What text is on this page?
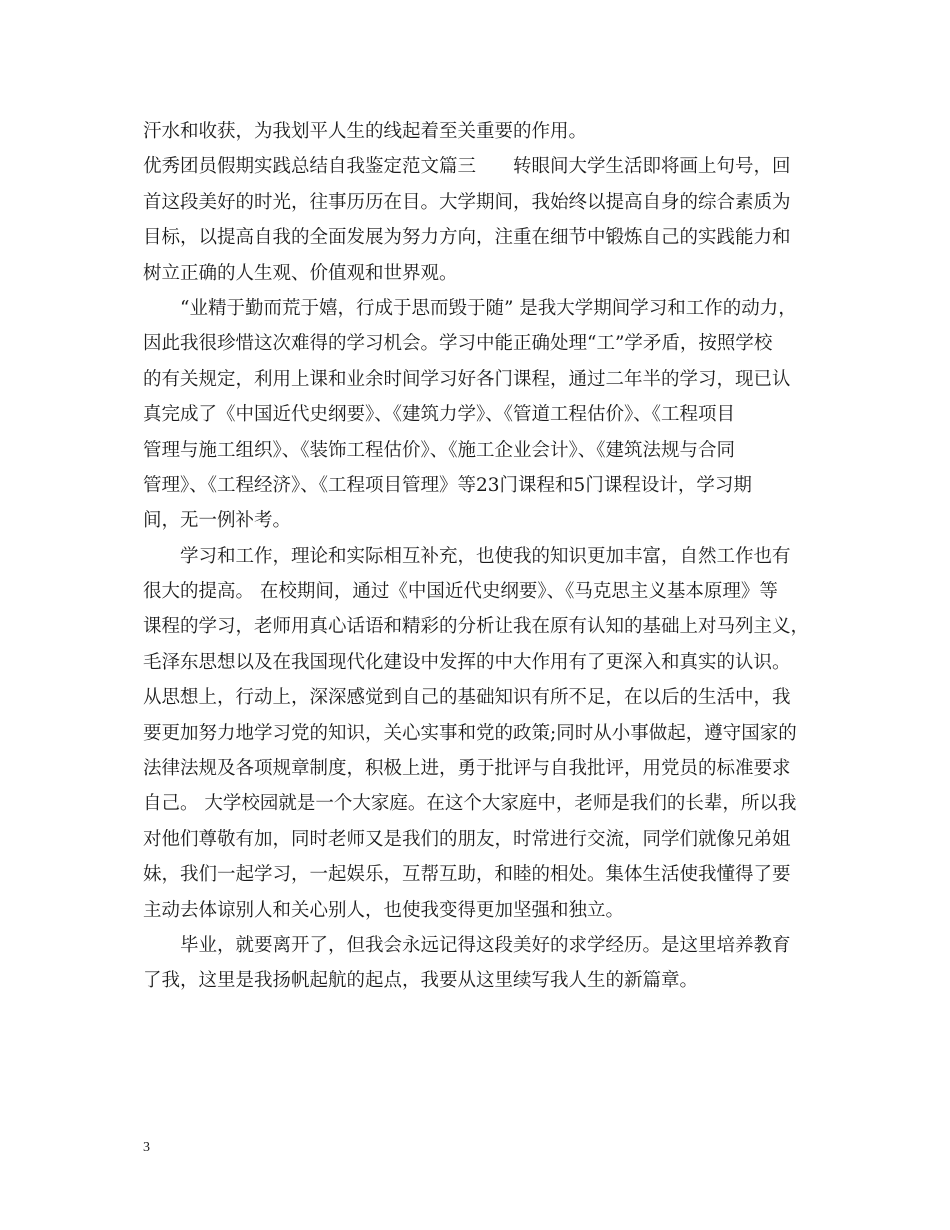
汗水和收获，为我划平人生的线起着至关重要的作用。
优秀团员假期实践总结自我鉴定范文篇三　　转眼间大学生活即将画上句号，回
首这段美好的时光，往事历历在目。大学期间，我始终以提高自身的综合素质为
目标，以提高自我的全面发展为努力方向，注重在细节中锻炼自己的实践能力和
树立正确的人生观、价值观和世界观。
“业精于勤而荒于嬉，行成于思而毁于随” 是我大学期间学习和工作的动力，
因此我很珍惜这次难得的学习机会。学习中能正确处理“工”学矛盾，按照学校
的有关规定，利用上课和业余时间学习好各门课程，通过二年半的学习，现已认
真完成了《中国近代史纲要》、《建筑力学》、《管道工程估价》、《工程项目
管理与施工组织》、《装饰工程估价》、《施工企业会计》、《建筑法规与合同
管理》、《工程经济》、《工程项目管理》等23门课程和5门课程设计，学习期
间，无一例补考。
学习和工作，理论和实际相互补充，也使我的知识更加丰富，自然工作也有
很大的提高。 在校期间，通过《中国近代史纲要》、《马克思主义基本原理》等
课程的学习，老师用真心话语和精彩的分析让我在原有认知的基础上对马列主义，
毛泽东思想以及在我国现代化建设中发挥的中大作用有了更深入和真实的认识。
从思想上，行动上，深深感觉到自己的基础知识有所不足，在以后的生活中，我
要更加努力地学习党的知识，关心实事和党的政策;同时从小事做起，遵守国家的
法律法规及各项规章制度，积极上进，勇于批评与自我批评，用党员的标准要求
自己。 大学校园就是一个大家庭。在这个大家庭中，老师是我们的长辈，所以我
对他们尊敬有加，同时老师又是我们的朋友，时常进行交流，同学们就像兄弟姐
妹，我们一起学习，一起娱乐，互帮互助，和睦的相处。集体生活使我懂得了要
主动去体谅别人和关心别人，也使我变得更加坚强和独立。
毕业，就要离开了，但我会永远记得这段美好的求学经历。是这里培养教育
了我，这里是我扬帆起航的起点，我要从这里续写我人生的新篇章。
3
